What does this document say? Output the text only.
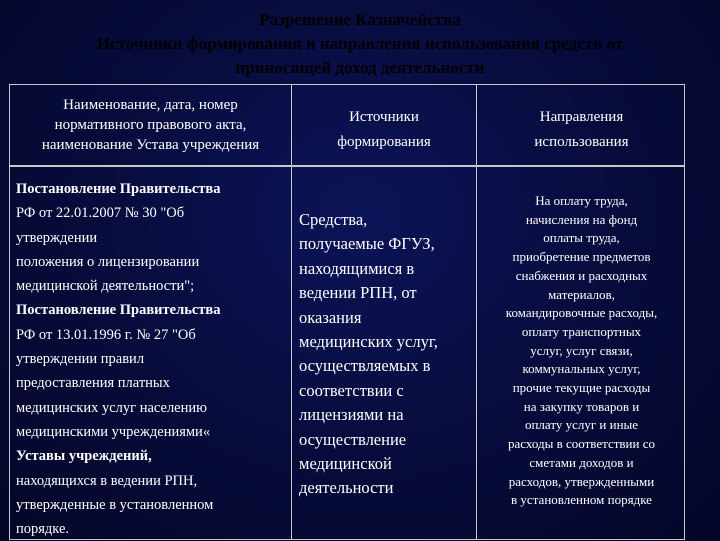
Разрешение Казначейства
Источники формирования и направления использования средств от
приносящей доход деятельности
Наименование, дата, номер
нормативного правового акта,
наименование Устава учреждения
Источники
формирования
Направления
использования
Постановление Правительства
РФ от 22.01.2007 № 30 "Об
утверждении
положения о лицензировании
медицинской деятельности";
Постановление Правительства
РФ от 13.01.1996 г. № 27 "Об
утверждении правил
предоставления платных
медицинских услуг населению
медицинскими учреждениями«
Уставы учреждений,
находящихся в ведении РПН,
утвержденные в установленном
порядке.
Средства,
получаемые ФГУЗ,
находящимися в
ведении РПН, от
оказания
медицинских услуг,
осуществляемых в
соответствии с
лицензиями на
осуществление
медицинской
деятельности
На оплату труда,
начисления на фонд
оплаты труда,
приобретение предметов
снабжения и расходных
материалов,
командировочные расходы,
оплату транспортных
услуг, услуг связи,
коммунальных услуг,
прочие текущие расходы
на закупку товаров и
оплату услуг и иные
расходы в соответствии со
сметами доходов и
расходов, утвержденными
в установленном порядке
